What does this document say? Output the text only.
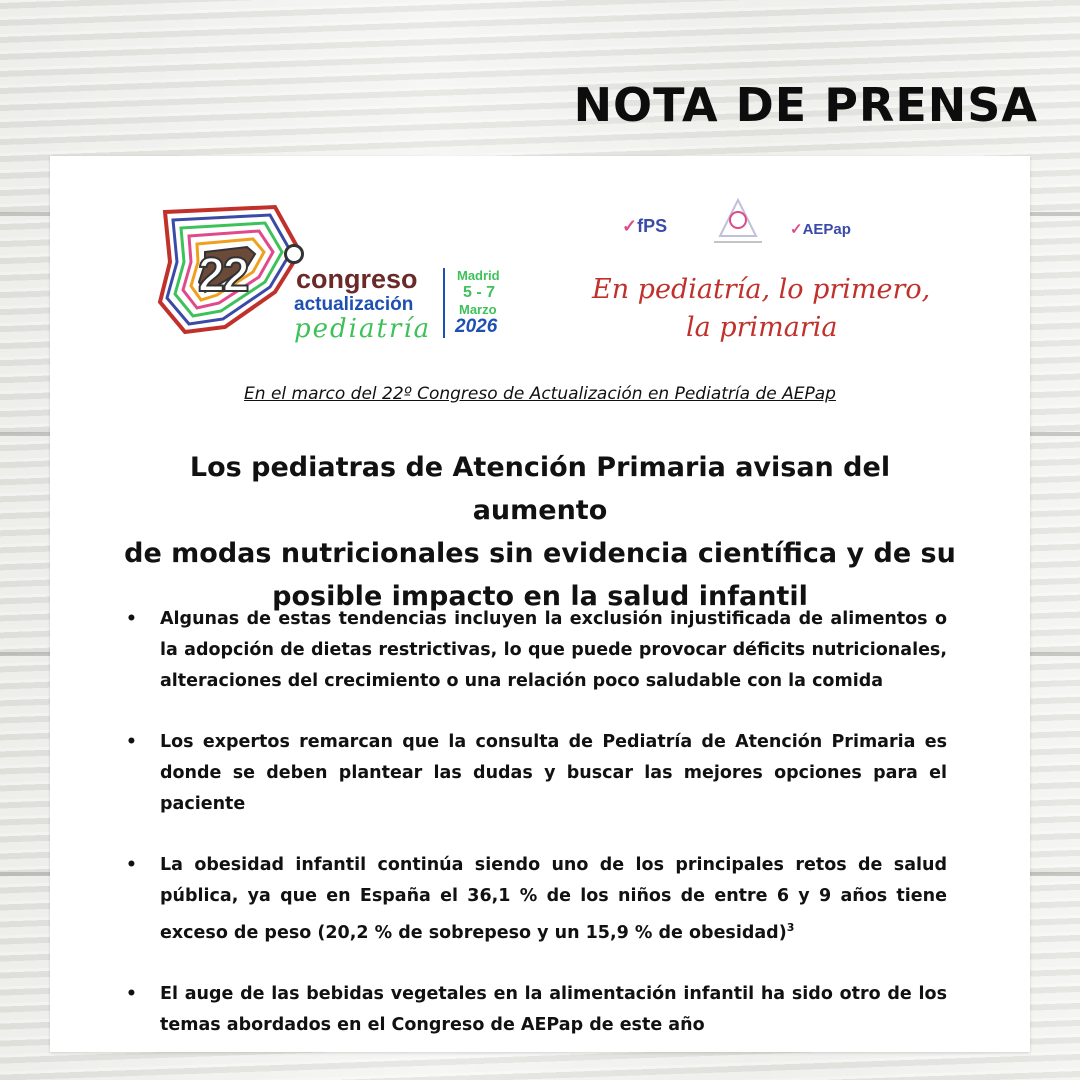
NOTA DE PRENSA
22 congreso
actualización
pediatría
Madrid
5 - 7
Marzo
2026
✓fPS	✓AEPap
En pediatría, lo primero,
la primaria
En el marco del 22º Congreso de Actualización en Pediatría de AEPap
Los pediatras de Atención Primaria avisan del aumento
de modas nutricionales sin evidencia científica y de su
posible impacto en la salud infantil
• Algunas de estas tendencias incluyen la exclusión injustificada de alimentos o la adopción de dietas restrictivas, lo que puede provocar déficits nutricionales, alteraciones del crecimiento o una relación poco saludable con la comida
• Los expertos remarcan que la consulta de Pediatría de Atención Primaria es donde se deben plantear las dudas y buscar las mejores opciones para el paciente
• La obesidad infantil continúa siendo uno de los principales retos de salud pública, ya que en España el 36,1 % de los niños de entre 6 y 9 años tiene exceso de peso (20,2 % de sobrepeso y un 15,9 % de obesidad)$^3$
• El auge de las bebidas vegetales en la alimentación infantil ha sido otro de los temas abordados en el Congreso de AEPap de este año
